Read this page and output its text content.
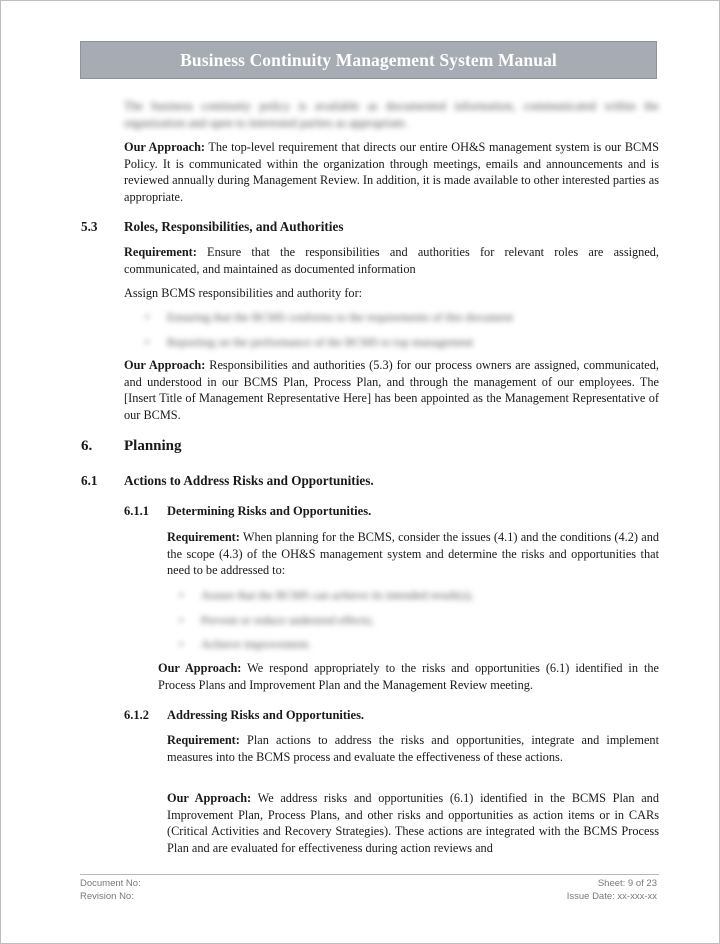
Business Continuity Management System Manual

The business continuity policy is available as documented information, communicated within the organization and open to interested parties as appropriate.

Our Approach: The top-level requirement that directs our entire OH&S management system is our BCMS Policy. It is communicated within the organization through meetings, emails and announcements and is reviewed annually during Management Review. In addition, it is made available to other interested parties as appropriate.

5.3 Roles, Responsibilities, and Authorities

Requirement: Ensure that the responsibilities and authorities for relevant roles are assigned, communicated, and maintained as documented information

Assign BCMS responsibilities and authority for:

• Ensuring that the BCMS conforms to the requirements of this document
• Reporting on the performance of the BCMS to top management

Our Approach: Responsibilities and authorities (5.3) for our process owners are assigned, communicated, and understood in our BCMS Plan, Process Plan, and through the management of our employees. The [Insert Title of Management Representative Here] has been appointed as the Management Representative of our BCMS.

6. Planning
6.1 Actions to Address Risks and Opportunities.
6.1.1 Determining Risks and Opportunities.

Requirement: When planning for the BCMS, consider the issues (4.1) and the conditions (4.2) and the scope (4.3) of the OH&S management system and determine the risks and opportunities that need to be addressed to:

• Assure that the BCMS can achieve its intended result(s);
• Prevent or reduce undesired effects;
• Achieve improvement.

Our Approach: We respond appropriately to the risks and opportunities (6.1) identified in the Process Plans and Improvement Plan and the Management Review meeting.

6.1.2 Addressing Risks and Opportunities.

Requirement: Plan actions to address the risks and opportunities, integrate and implement measures into the BCMS process and evaluate the effectiveness of these actions.

Our Approach: We address risks and opportunities (6.1) identified in the BCMS Plan and Improvement Plan, Process Plans, and other risks and opportunities as action items or in CARs (Critical Activities and Recovery Strategies). These actions are integrated with the BCMS Process Plan and are evaluated for effectiveness during action reviews and

Document No:
Revision No:
Sheet: 9 of 23
Issue Date: xx-xxx-xx
